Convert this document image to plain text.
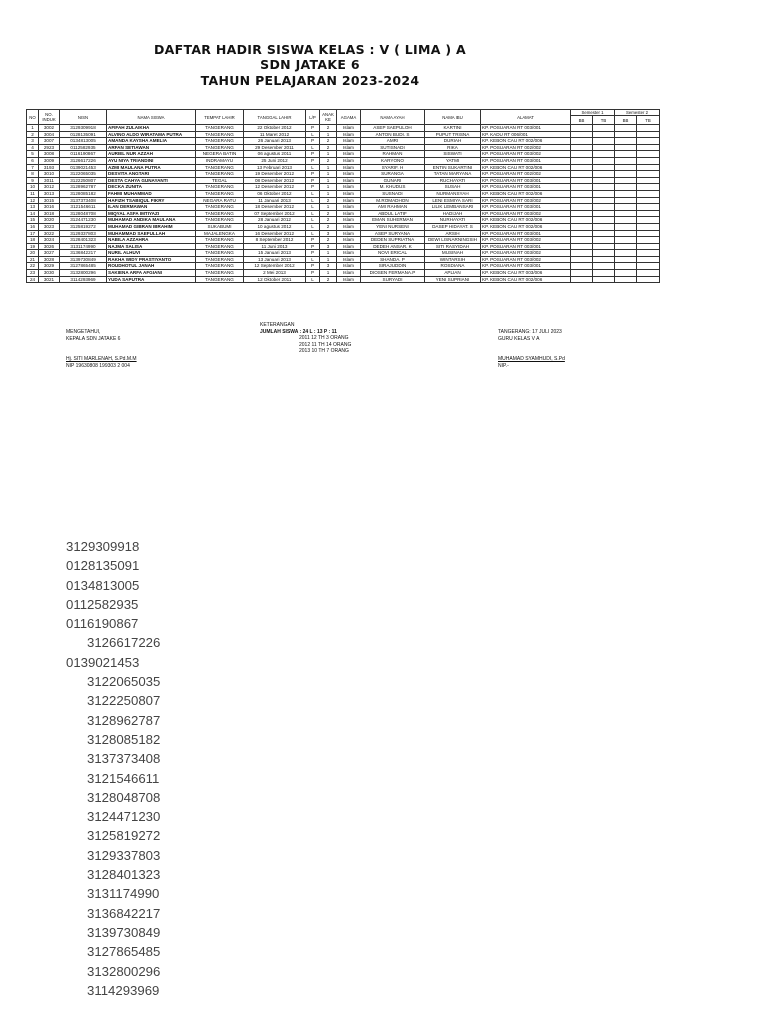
DAFTAR HADIR SISWA KELAS : V ( LIMA ) A
SDN JATAKE 6
TAHUN PELAJARAN 2023-2024
NO	NO. INDUK	NISN	NAMA SISWA	TEMPAT LAHIR	TANGGAL LAHIR	L/P	ANAK KE	AGAMA	NAMA AYAH	NAMA IBU	ALAMAT	Semester 1		Semester 2	
												BB	TB	BB	TB
1	3002	3129309918	AFIFAH ZULAIKHA	TANGERANG	22 Oktober 2012	P	2	Islam	ASEP SAEPULOH	KARTINI	KP. POSUARAN RT 003/001				
2	3004	0128135091	ALVINO ALDO WIRATAMA PUTRA	TANGERANG	11 Maret 2012	L	1	Islam	ANTON BUDI. S	PUPUT TRISNA	KP. KADU RT 006/001				
3	3007	0134813005	AMANDA KAYSHA AMELIA	TANGERANG	26 Januari 2013	P	2	Islam	AMRI	DURIAH	KP. KEBON CAU RT 002/006				
4	2923	0112582935	ARFAN SETIAWAN	TANGERANG	29 Desember 2011	L	2	Islam	SUTISNADI	RIKA	KP. POSUARAN RT 002/002				
5	3008	0116190867	AURIEL NUR AZZAH	NEGERA BATIN	06 agustus 2011	P	1	Islam	RAHMAN	SISWATI	KP. POSUARAN RT 003/002				
6	3009	3126617226	AYU NIYA TRIANDINI	INDRAMAYU	25 Juni 2012	P	2	Islam	KARYONO	YATMI	KP. POSUARAN RT 003/001				
7	3193	0139021453	AZMI MAULANA PUTRA	TANGERANG	13 Februari 2013	L	1	Islam	SYARIF. H	ENTIN SUKARTINI	KP. KEBON CAU RT 002/006				
8	3010	3122065035	DESVITA ANGTARI	TANGERANG	19 Desember 2012	P	1	Islam	SURANGA	TATAN MARYANA	KP. POSUARAN RT 002/002				
9	3011	3122250807	DESTA CAHYA GUNAYANTI	TEGAL	08 Desember 2012	P	1	Islam	GUNARI	RUCHAYATI	KP. POSUARAN RT 003/001				
10	3012	3128962787	DECKA ZUNITA	TANGERANG	12 Desember 2012	P	1	Islam	M. KHUDUS	SUSAH	KP. POSUARAN RT 003/001				
11	3013	3128085182	FAHMI MUHAMMAD	TANGERANG	06 Oktober 2012	L	1	Islam	SUSNADI	NURMANSYAH	KP. KEBON CAU RT 002/006				
12	3015	3137373408	HAFIZH TSABIQUL FIKRY	NEGARA RATU	11 Januari 2013	L	2	Islam	M.ROMADHON	LENI ESMIYA SARI	KP. POSUARAN RT 003/002				
13	3016	3121546611	ILAN DERMAWAN	TANGERANG	18 Desember 2012	L	1	Islam	AMI RAHMAN	LILIK LEMBANSARI	KP. POSUARAN RT 003/001				
14	3018	3128048708	MIQYAL ASFA IMTIYAZI	TANGERANG	07 September 2012	L	2	Islam	ABDUL LATIF	HADIJAH	KP. POSUARAN RT 003/002				
15	3020	3124471230	MUHAMAD ANDIKA MAULANA	TANGERANG	28 Januari 2012	L	2	Islam	EMAN SUHERMAN	NURHAYATI	KP. KEBON CAU RT 002/006				
16	3023	3125819272	MUHAMAD GIBRAN IBRAHIM	SUKABUMI	10 agustus 2012	L	2	Islam	YENI NURSENI	DASEP HIDAYAT. S	KP. KEBON CAU RT 002/006				
17	3022	3129337803	MUHAMMAD SAEFULLAH	MAJALENGKA	16 Desember 2012	L	3	Islam	ASEP SURYANA	ARSIH	KP. POSUARAN RT 003/001				
18	3024	3128401323	NABILA AZZAHRA	TANGERANG	8 September 2012	P	2	Islam	DEDEN SUPRIATNA	DEWI LISNARNINGSIH	KP. POSUARAN RT 003/002				
19	3026	3131174990	NAJMA SALISA	TANGERANG	11 Juni 2013	P	3	Islam	DEDEH ANSAR. K	SITI RASYIDAH	KP. POSUARAN RT 003/001				
20	3027	3136842217	NURIL ALHUVI	TANGERANG	15 Januari 2013	P	1	Islam	NOVI ERICAL	MUSINAH	KP. POSUARAN RT 003/002				
21	3028	3139730849	RAKHA WIDY PRASTIYANTO	TANGERANG	13 Januari 2013	L	1	Islam	SHANDA. P	WINTARSIH	KP. POSUARAN RT 003/002				
22	3029	3127865485	ROUDHOTUL JANAH	TANGERANG	12 September 2012	P	3	Islam	SIRAJUDDIN	ROSDIANA	KP. POSUARAN RT 003/001				
23	3030	3132800296	SAKIENA ARFA AFGIANI	TANGERANG	2 Mei 2013	P	1	Islam	DIOSEN FERMANA.P	APLIAN	KP. KEBON CAU RT 003/006				
24	3021	3114293969	YUDA SAPUTRA	TANGERANG	12 Oktober 2011	L	2	Islam	SURYADI	YENI SUPRIANI	KP. KEBON CAU RT 002/006				
MENGETAHUI,
KEPALA SDN JATAKE 6
Hj. SITI MARLENAH, S.Pd.M.M
NIP 19630808 199303 2 004
KETERANGAN
JUMLAH SISWA : 24 L : 13 P : 11
2011 12 TH 3 ORANG
2012 11 TH 14 ORANG
2013 10 TH 7 ORANG
TANGERANG: 17 JULI 2023
GURU KELAS V A
MUHAMAD SYAMHUDI, S.Pd
NIP.-
3129309918
0128135091
0134813005
0112582935
0116190867
3126617226
0139021453
3122065035
3122250807
3128962787
3128085182
3137373408
3121546611
3128048708
3124471230
3125819272
3129337803
3128401323
3131174990
3136842217
3139730849
3127865485
3132800296
3114293969
